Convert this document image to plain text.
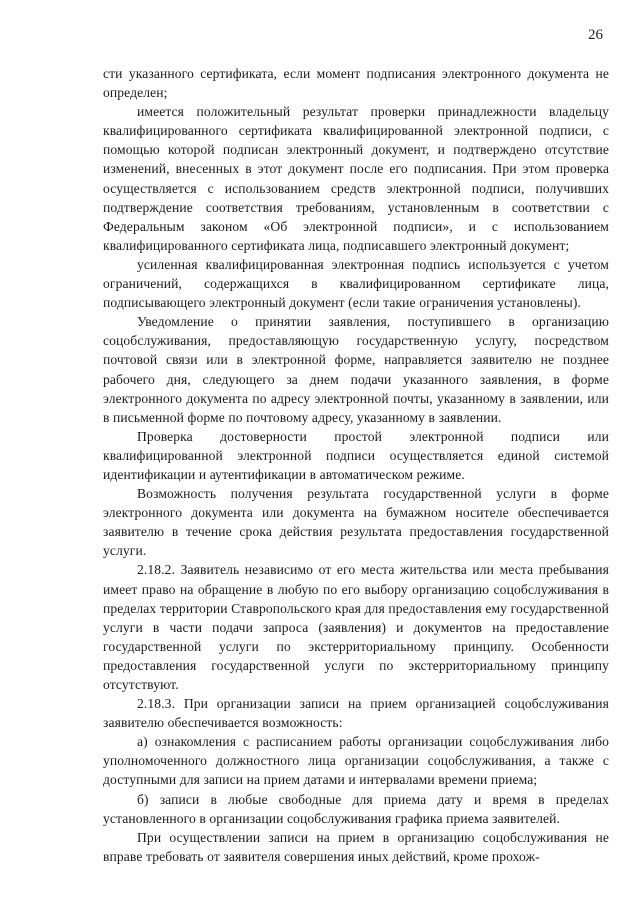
26

сти указанного сертификата, если момент подписания электронного документа не определен;

имеется положительный результат проверки принадлежности владельцу квалифицированного сертификата квалифицированной электронной подписи, с помощью которой подписан электронный документ, и подтверждено отсутствие изменений, внесенных в этот документ после его подписания. При этом проверка осуществляется с использованием средств электронной подписи, получивших подтверждение соответствия требованиям, установленным в соответствии с Федеральным законом «Об электронной подписи», и с использованием квалифицированного сертификата лица, подписавшего электронный документ;

усиленная квалифицированная электронная подпись используется с учетом ограничений, содержащихся в квалифицированном сертификате лица, подписывающего электронный документ (если такие ограничения установлены).

Уведомление о принятии заявления, поступившего в организацию соцобслуживания, предоставляющую государственную услугу, посредством почтовой связи или в электронной форме, направляется заявителю не позднее рабочего дня, следующего за днем подачи указанного заявления, в форме электронного документа по адресу электронной почты, указанному в заявлении, или в письменной форме по почтовому адресу, указанному в заявлении.

Проверка достоверности простой электронной подписи или квалифицированной электронной подписи осуществляется единой системой идентификации и аутентификации в автоматическом режиме.

Возможность получения результата государственной услуги в форме электронного документа или документа на бумажном носителе обеспечивается заявителю в течение срока действия результата предоставления государственной услуги.

2.18.2. Заявитель независимо от его места жительства или места пребывания имеет право на обращение в любую по его выбору организацию соцобслуживания в пределах территории Ставропольского края для предоставления ему государственной услуги в части подачи запроса (заявления) и документов на предоставление государственной услуги по экстерриториальному принципу. Особенности предоставления государственной услуги по экстерриториальному принципу отсутствуют.

2.18.3. При организации записи на прием организацией соцобслуживания заявителю обеспечивается возможность:

а) ознакомления с расписанием работы организации соцобслуживания либо уполномоченного должностного лица организации соцобслуживания, а также с доступными для записи на прием датами и интервалами времени приема;

б) записи в любые свободные для приема дату и время в пределах установленного в организации соцобслуживания графика приема заявителей.

При осуществлении записи на прием в организацию соцобслуживания не вправе требовать от заявителя совершения иных действий, кроме прохож-
